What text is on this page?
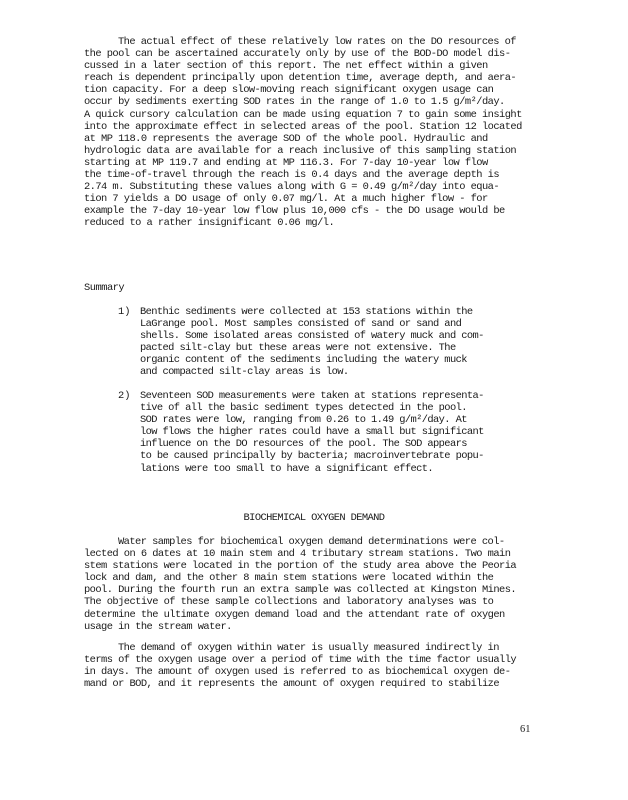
The actual effect of these relatively low rates on the DO resources of
the pool can be ascertained accurately only by use of the BOD-DO model dis-
cussed in a later section of this report. The net effect within a given
reach is dependent principally upon detention time, average depth, and aera-
tion capacity. For a deep slow-moving reach significant oxygen usage can
occur by sediments exerting SOD rates in the range of 1.0 to 1.5 g/m²/day.
A quick cursory calculation can be made using equation 7 to gain some insight
into the approximate effect in selected areas of the pool. Station 12 located
at MP 118.0 represents the average SOD of the whole pool. Hydraulic and
hydrologic data are available for a reach inclusive of this sampling station
starting at MP 119.7 and ending at MP 116.3. For 7-day 10-year low flow
the time-of-travel through the reach is 0.4 days and the average depth is
2.74 m. Substituting these values along with G = 0.49 g/m²/day into equa-
tion 7 yields a DO usage of only 0.07 mg/l. At a much higher flow - for
example the 7-day 10-year low flow plus 10,000 cfs - the DO usage would be
reduced to a rather insignificant 0.06 mg/l.
Summary
1) Benthic sediments were collected at 153 stations within the
LaGrange pool. Most samples consisted of sand or sand and
shells. Some isolated areas consisted of watery muck and com-
pacted silt-clay but these areas were not extensive. The
organic content of the sediments including the watery muck
and compacted silt-clay areas is low.
2) Seventeen SOD measurements were taken at stations representa-
tive of all the basic sediment types detected in the pool.
SOD rates were low, ranging from 0.26 to 1.49 g/m²/day. At
low flows the higher rates could have a small but significant
influence on the DO resources of the pool. The SOD appears
to be caused principally by bacteria; macroinvertebrate popu-
lations were too small to have a significant effect.
BIOCHEMICAL OXYGEN DEMAND
Water samples for biochemical oxygen demand determinations were col-
lected on 6 dates at 10 main stem and 4 tributary stream stations. Two main
stem stations were located in the portion of the study area above the Peoria
lock and dam, and the other 8 main stem stations were located within the
pool. During the fourth run an extra sample was collected at Kingston Mines.
The objective of these sample collections and laboratory analyses was to
determine the ultimate oxygen demand load and the attendant rate of oxygen
usage in the stream water.
The demand of oxygen within water is usually measured indirectly in
terms of the oxygen usage over a period of time with the time factor usually
in days. The amount of oxygen used is referred to as biochemical oxygen de-
mand or BOD, and it represents the amount of oxygen required to stabilize
61
